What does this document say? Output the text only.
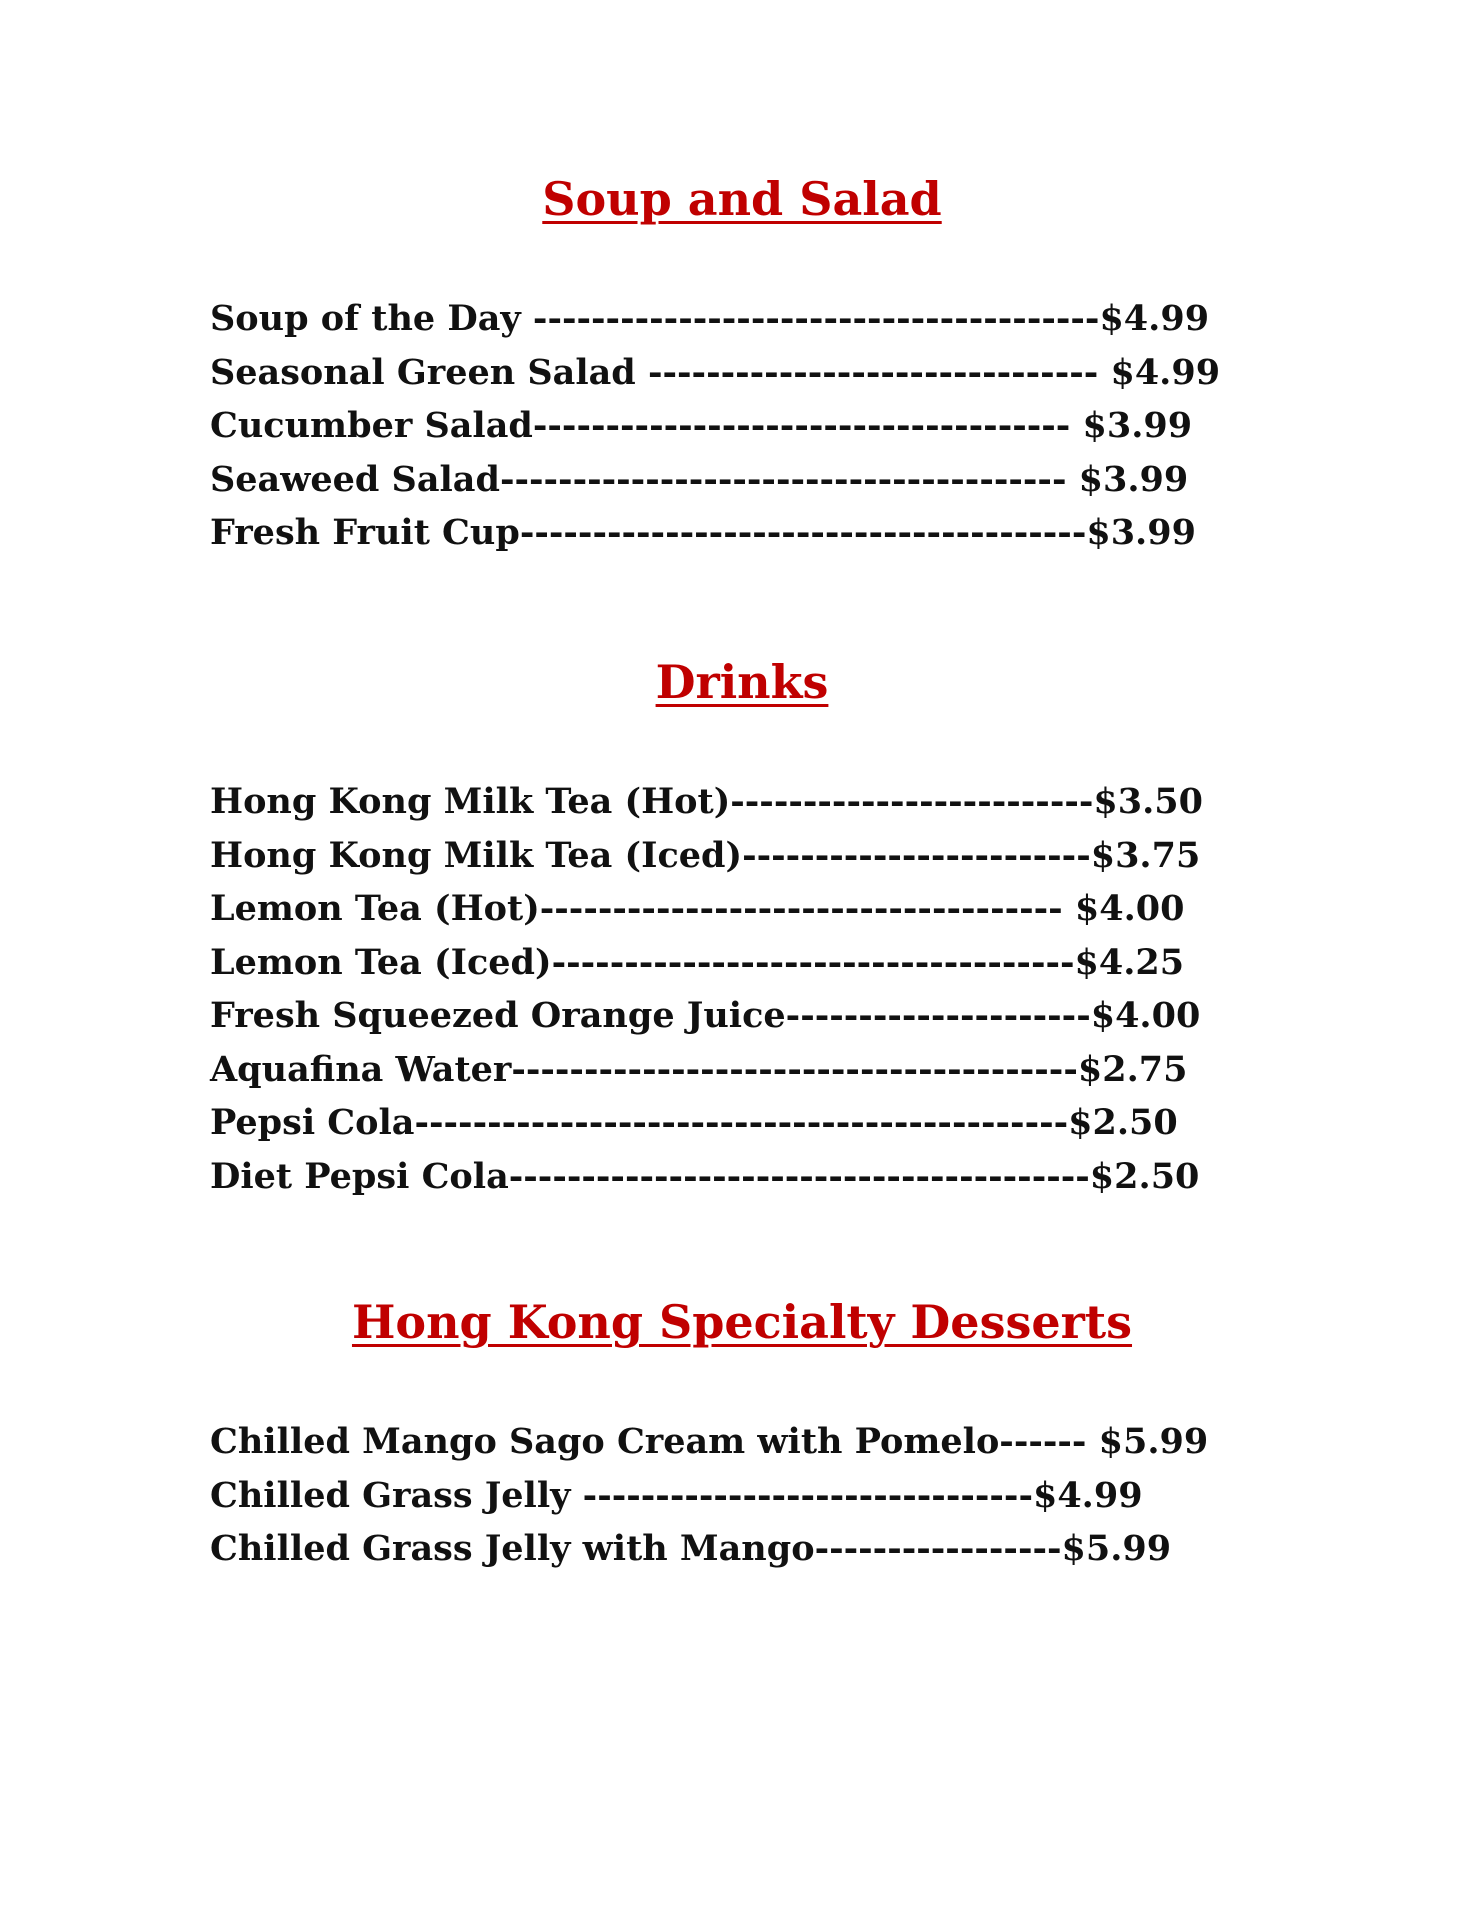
Soup and Salad
Soup of the Day ---------------------------------------$4.99
Seasonal Green Salad ------------------------------- $4.99
Cucumber Salad------------------------------------- $3.99
Seaweed Salad--------------------------------------- $3.99
Fresh Fruit Cup---------------------------------------$3.99
Drinks
Hong Kong Milk Tea (Hot)-------------------------$3.50
Hong Kong Milk Tea (Iced)------------------------$3.75
Lemon Tea (Hot)------------------------------------ $4.00
Lemon Tea (Iced)------------------------------------$4.25
Fresh Squeezed Orange Juice---------------------$4.00
Aquafina Water---------------------------------------$2.75
Pepsi Cola---------------------------------------------$2.50
Diet Pepsi Cola----------------------------------------$2.50
Hong Kong Specialty Desserts
Chilled Mango Sago Cream with Pomelo------ $5.99
Chilled Grass Jelly -------------------------------$4.99
Chilled Grass Jelly with Mango-----------------$5.99
